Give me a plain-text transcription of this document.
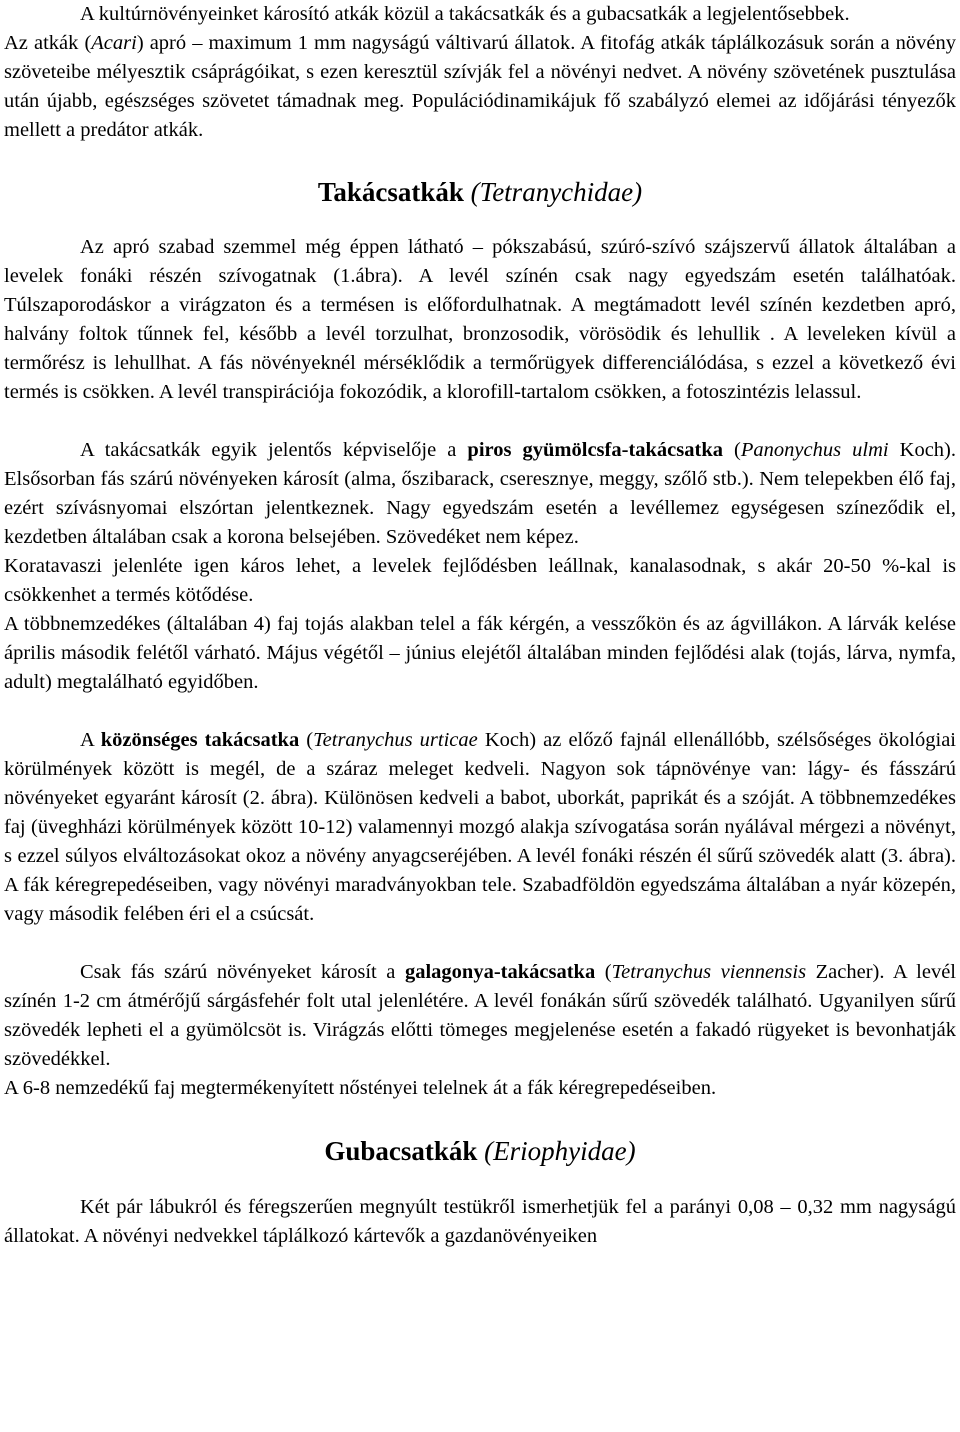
A kultúrnövényeinket károsító atkák közül a takácsatkák és a gubacsatkák a legjelentősebbek.

Az atkák (Acari) apró – maximum 1 mm nagyságú váltivarú állatok. A fitofág atkák táplálkozásuk során a növény szöveteibe mélyesztik csáprágóikat, s ezen keresztül szívják fel a növényi nedvet. A növény szövetének pusztulása után újabb, egészséges szövetet támadnak meg. Populációdinamikájuk fő szabályzó elemei az időjárási tényezők mellett a predátor atkák.

Takácsatkák (Tetranychidae)

Az apró szabad szemmel még éppen látható – pókszabású, szúró-szívó szájszervű állatok általában a levelek fonáki részén szívogatnak (1.ábra). A levél színén csak nagy egyedszám esetén találhatóak. Túlszaporodáskor a virágzaton és a termésen is előfordulhatnak. A megtámadott levél színén kezdetben apró, halvány foltok tűnnek fel, később a levél torzulhat, bronzosodik, vörösödik és lehullik . A leveleken kívül a termőrész is lehullhat. A fás növényeknél mérséklődik a termőrügyek differenciálódása, s ezzel a következő évi termés is csökken. A levél transpirációja fokozódik, a klorofill-tartalom csökken, a fotoszintézis lelassul.

A takácsatkák egyik jelentős képviselője a piros gyümölcsfa-takácsatka (Panonychus ulmi Koch). Elsősorban fás szárú növényeken károsít (alma, őszibarack, cseresznye, meggy, szőlő stb.). Nem telepekben élő faj, ezért szívásnyomai elszórtan jelentkeznek. Nagy egyedszám esetén a levéllemez egységesen színeződik el, kezdetben általában csak a korona belsejében. Szövedéket nem képez.

Koratavaszi jelenléte igen káros lehet, a levelek fejlődésben leállnak, kanalasodnak, s akár 20-50 %-kal is csökkenhet a termés kötődése.

A többnemzedékes (általában 4) faj tojás alakban telel a fák kérgén, a vesszőkön és az ágvillákon. A lárvák kelése április második felétől várható. Május végétől – június elejétől általában minden fejlődési alak (tojás, lárva, nymfa, adult) megtalálható egyidőben.

A közönséges takácsatka (Tetranychus urticae Koch) az előző fajnál ellenállóbb, szélsőséges ökológiai körülmények között is megél, de a száraz meleget kedveli. Nagyon sok tápnövénye van: lágy- és fásszárú növényeket egyaránt károsít (2. ábra). Különösen kedveli a babot, uborkát, paprikát és a szóját. A többnemzedékes faj (üveghházi körülmények között 10-12) valamennyi mozgó alakja szívogatása során nyálával mérgezi a növényt, s ezzel súlyos elváltozásokat okoz a növény anyagcseréjében. A levél fonáki részén él sűrű szövedék alatt (3. ábra). A fák kéregrepedéseiben, vagy növényi maradványokban tele. Szabadföldön egyedszáma általában a nyár közepén, vagy második felében éri el a csúcsát.

Csak fás szárú növényeket károsít a galagonya-takácsatka (Tetranychus viennensis Zacher). A levél színén 1-2 cm átmérőjű sárgásfehér folt utal jelenlétére. A levél fonákán sűrű szövedék található. Ugyanilyen sűrű szövedék lepheti el a gyümölcsöt is. Virágzás előtti tömeges megjelenése esetén a fakadó rügyeket is bevonhatják szövedékkel.

A 6-8 nemzedékű faj megtermékenyített nőstényei telelnek át a fák kéregrepedéseiben.

Gubacsatkák (Eriophyidae)

Két pár lábukról és féregszerűen megnyúlt testükről ismerhetjük fel a parányi 0,08 – 0,32 mm nagyságú állatokat. A növényi nedvekkel táplálkozó kártevők a gazdanövényeiken
